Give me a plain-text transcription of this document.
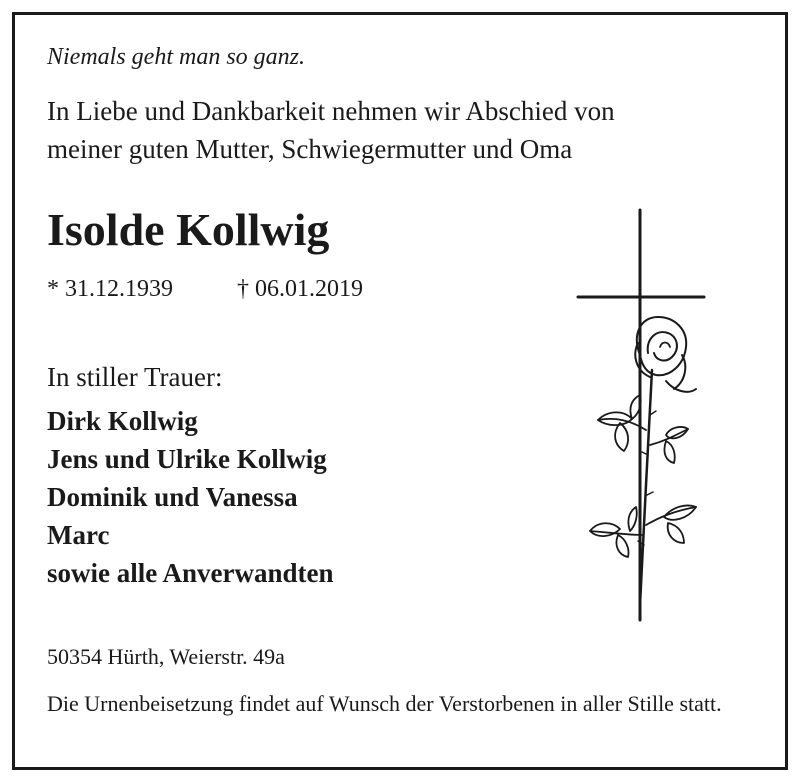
Niemals geht man so ganz.

In Liebe und Dankbarkeit nehmen wir Abschied von
meiner guten Mutter, Schwiegermutter und Oma
Isolde Kollwig
* 31.12.1939	† 06.01.2019

In stiller Trauer:

Dirk Kollwig
Jens und Ulrike Kollwig
Dominik und Vanessa
Marc
sowie alle Anverwandten

50354 Hürth, Weierstr. 49a

Die Urnenbeisetzung findet auf Wunsch der Verstorbenen in aller Stille statt.
